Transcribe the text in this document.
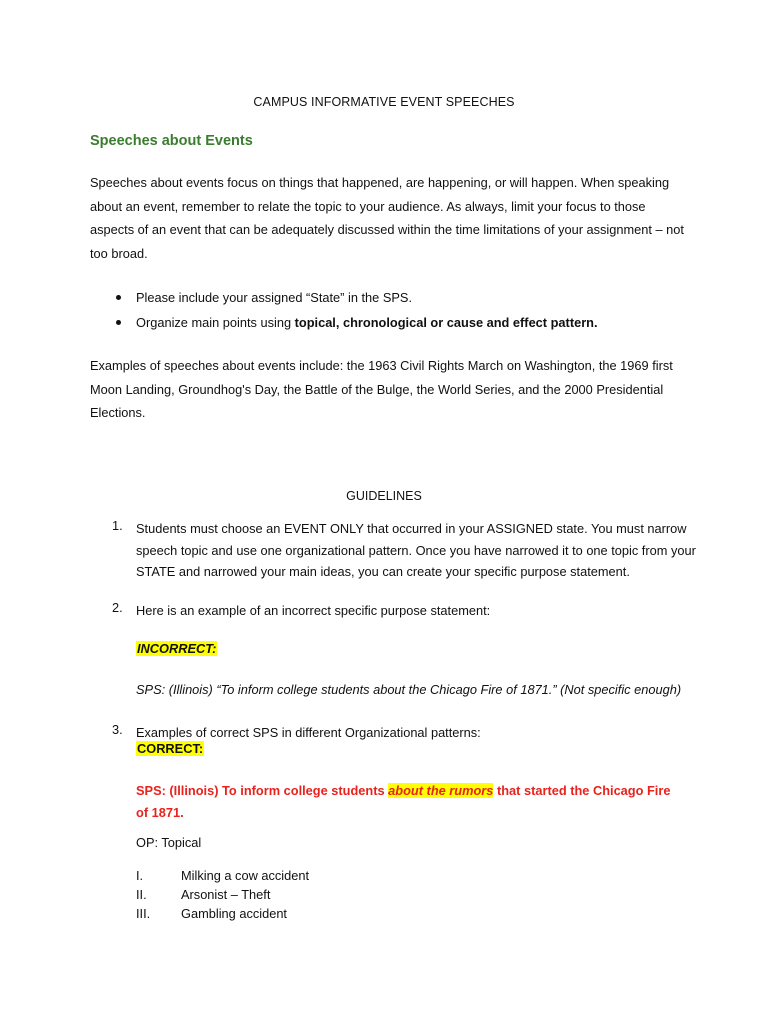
CAMPUS INFORMATIVE EVENT SPEECHES
Speeches about Events
Speeches about events focus on things that happened, are happening, or will happen. When speaking about an event, remember to relate the topic to your audience. As always, limit your focus to those aspects of an event that can be adequately discussed within the time limitations of your assignment – not too broad.
Please include your assigned “State” in the SPS.
Organize main points using topical, chronological or cause and effect pattern.
Examples of speeches about events include: the 1963 Civil Rights March on Washington, the 1969 first Moon Landing, Groundhog's Day, the Battle of the Bulge, the World Series, and the 2000 Presidential Elections.
GUIDELINES
1. Students must choose an EVENT ONLY that occurred in your ASSIGNED state. You must narrow speech topic and use one organizational pattern. Once you have narrowed it to one topic from your STATE and narrowed your main ideas, you can create your specific purpose statement.
2. Here is an example of an incorrect specific purpose statement:
INCORRECT:
SPS: (Illinois) “To inform college students about the Chicago Fire of 1871.” (Not specific enough)
3. Examples of correct SPS in different Organizational patterns:
CORRECT:
SPS: (Illinois) To inform college students about the rumors that started the Chicago Fire of 1871.
OP: Topical
I.	Milking a cow accident
II.	Arsonist – Theft
III. Gambling accident
